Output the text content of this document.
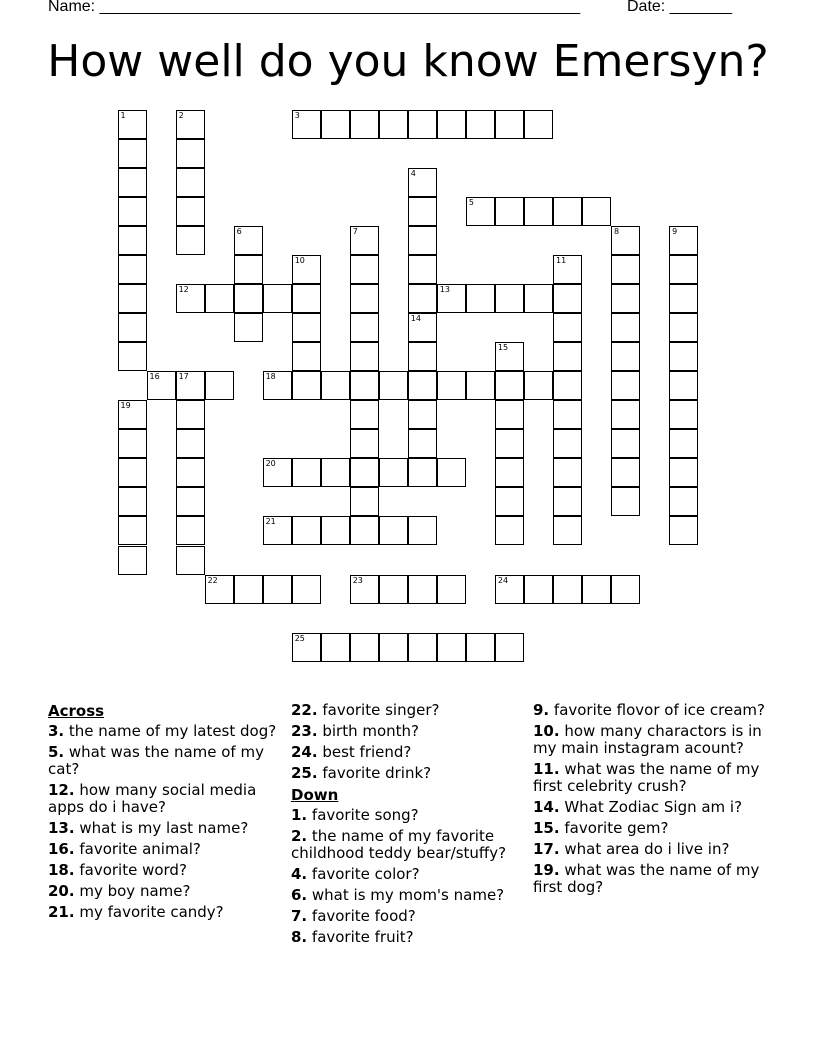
Name: ______________________________________________________	Date: _______
How well do you know Emersyn?
3
5
12	13
16 17	18
20
21
22	23	24
25
1	2
4
14
6	7	8	9
10	11
15
19
Across
3. the name of my latest dog?
5. what was the name of my cat?
12. how many social media apps do i have?
13. what is my last name?
16. favorite animal?
18. favorite word?
20. my boy name?
21. my favorite candy?
22. favorite singer?
23. birth month?
24. best friend?
25. favorite drink?
Down
1. favorite song?
2. the name of my favorite childhood teddy bear/stuffy?
4. favorite color?
6. what is my mom's name?
7. favorite food?
8. favorite fruit?
9. favorite flovor of ice cream?
10. how many charactors is in my main instagram acount?
11. what was the name of my first celebrity crush?
14. What Zodiac Sign am i?
15. favorite gem?
17. what area do i live in?
19. what was the name of my first dog?
